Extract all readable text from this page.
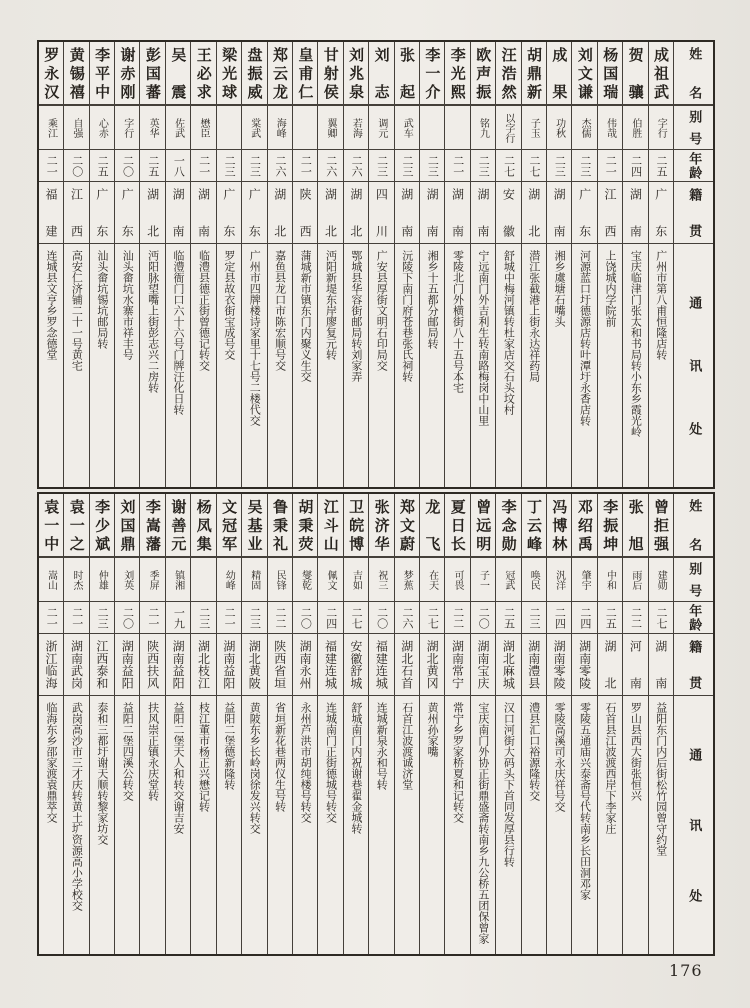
姓名
别号
年龄
籍贯
通讯处
成祖武
字行
二五
广东
广州市第八甫恒隆店转
贺骧
伯胜
二四
湖南
宝庆临津门张太和书局转小东乡霞光岭
杨国瑞
伟哉
二一
江西
上饶城内学院前
刘文谦
杰儒
二三
广东
河源蓝口圩德源店转叶潭圩永香店转
成果
功秋
二三
湖南
湘乡虞塘石嘴头
胡鼎新
子玉
二七
湖北
潜江张截港上街永达祥药局
汪浩然
以字行
二七
安徽
舒城中梅河镇转杜家店交石头坟村
欧声振
铭九
二三
湖南
宁远南门外吉利生转南路梅岗中山里
李光熙
二一
湖南
零陵北门外横街八十五号本宅
李一介
二三
湖南
湘乡十五都分邮局转
张起
武车
二三
湖南
沅陵下南门府苍巷张氏祠转
刘志
调元
二三
四川
广安县厚街文明石印局交
刘兆泉
若海
二六
湖北
鄂城县华容街邮局转刘家弄
甘射侯
翼卿
二六
湖北
沔阳新堤东岸廖复元转
皇甫仁
二一
陕西
蒲城新市镇东门内聚义生交
郑云龙
海峰
二六
湖北
嘉鱼县龙口市陈宏顺号交
盘振威
棠武
二三
广东
广州市四牌楼诗家里十七号二楼代交
梁光球
二三
广东
罗定县故衣街宝成号交
王必求
懋臣
二一
湖南
临澧县德正街曾德记转交
吴震
佐武
一八
湖南
临澧衙门口六十六号门牌汪化日转
彭国蕃
英华
二五
湖北
沔阳脉望嘴上街彭志兴二房转
谢赤刚
字行
二〇
广东
汕头畲坑水寨市祥丰号
李平中
心赤
二五
广东
汕头畲坑锡坑邮局转
黄锡禧
自强
二〇
江西
高安仁济铺二十一号黄宅
罗永汉
乘江
二一
福建
连城县文亨乡罗念德堂
姓名
别号
年龄
籍贯
通讯处
曾拒强
建勋
二七
湖南
益阳东门内后街松竹园曾守约堂
张旭
雨后
二二
河南
罗山县西大街张恒兴
李振坤
中和
二五
湖北
石首县江波渡西岸下李家庄
邓绍禹
肇宇
二四
湖南零陵
零陵五通庙兴泰斋号代转南乡长田洞邓家
冯博林
汎洋
二四
湖南零陵
零陵高溪司永庆祥号交
丁云峰
唤民
二三
湖南澧县
澧县汇口裕源隆转交
李念勋
冠武
二五
湖北麻城
汉口河街大码头下首同发厚县行转
曾远明
子一
二〇
湖南宝庆
宝庆南门外协正街鼎盛斋转南乡九公桥五团保曾家
夏日长
可畏
二二
湖南常宁
常宁乡罗家桥夏和记转交
龙飞
在天
二七
湖北黄冈
黄州孙家嘴
郑文蔚
梦蕉
二六
湖北石首
石首江波渡诚济堂
张济华
祝三
二〇
福建连城
连城新泉永和号转
卫皖博
吉如
二七
安徽舒城
舒城南门内祝谢巷翟金城转
江斗山
佩文
二四
福建连城
连城南门正街德城号转交
胡秉荧
燮乾
二〇
湖南永州
永州芦洪市胡纯楼号转交
鲁秉礼
民锋
二二
陕西省垣
省垣新花巷两仪生号转
吴基业
精固
二三
湖北黄陂
黄陂东乡长岭岗徐发兴转交
文冠军
幼峰
二一
湖南益阳
益阳二堡德新隆转
杨凤集
二三
湖北枝江
枝江董市杨正兴懋记转
谢善元
镇湘
一九
湖南益阳
益阳二堡天人和转交谢吉安
李嵩藩
季屏
二一
陕西扶风
扶风崇正镇永庆堂转
刘国鼎
刘英
二〇
湖南益阳
益阳二堡四溪公转交
李少斌
仲雄
二三
江西泰和
泰和三都圩谢天顺转黎家坊交
袁一之
时杰
二一
湖南武岗
武岗高沙市三才庆转黄土圹资源高小学校交
袁一中
嵩山
二一
浙江临海
临海东乡邵家渡袁鼎萃交
176
